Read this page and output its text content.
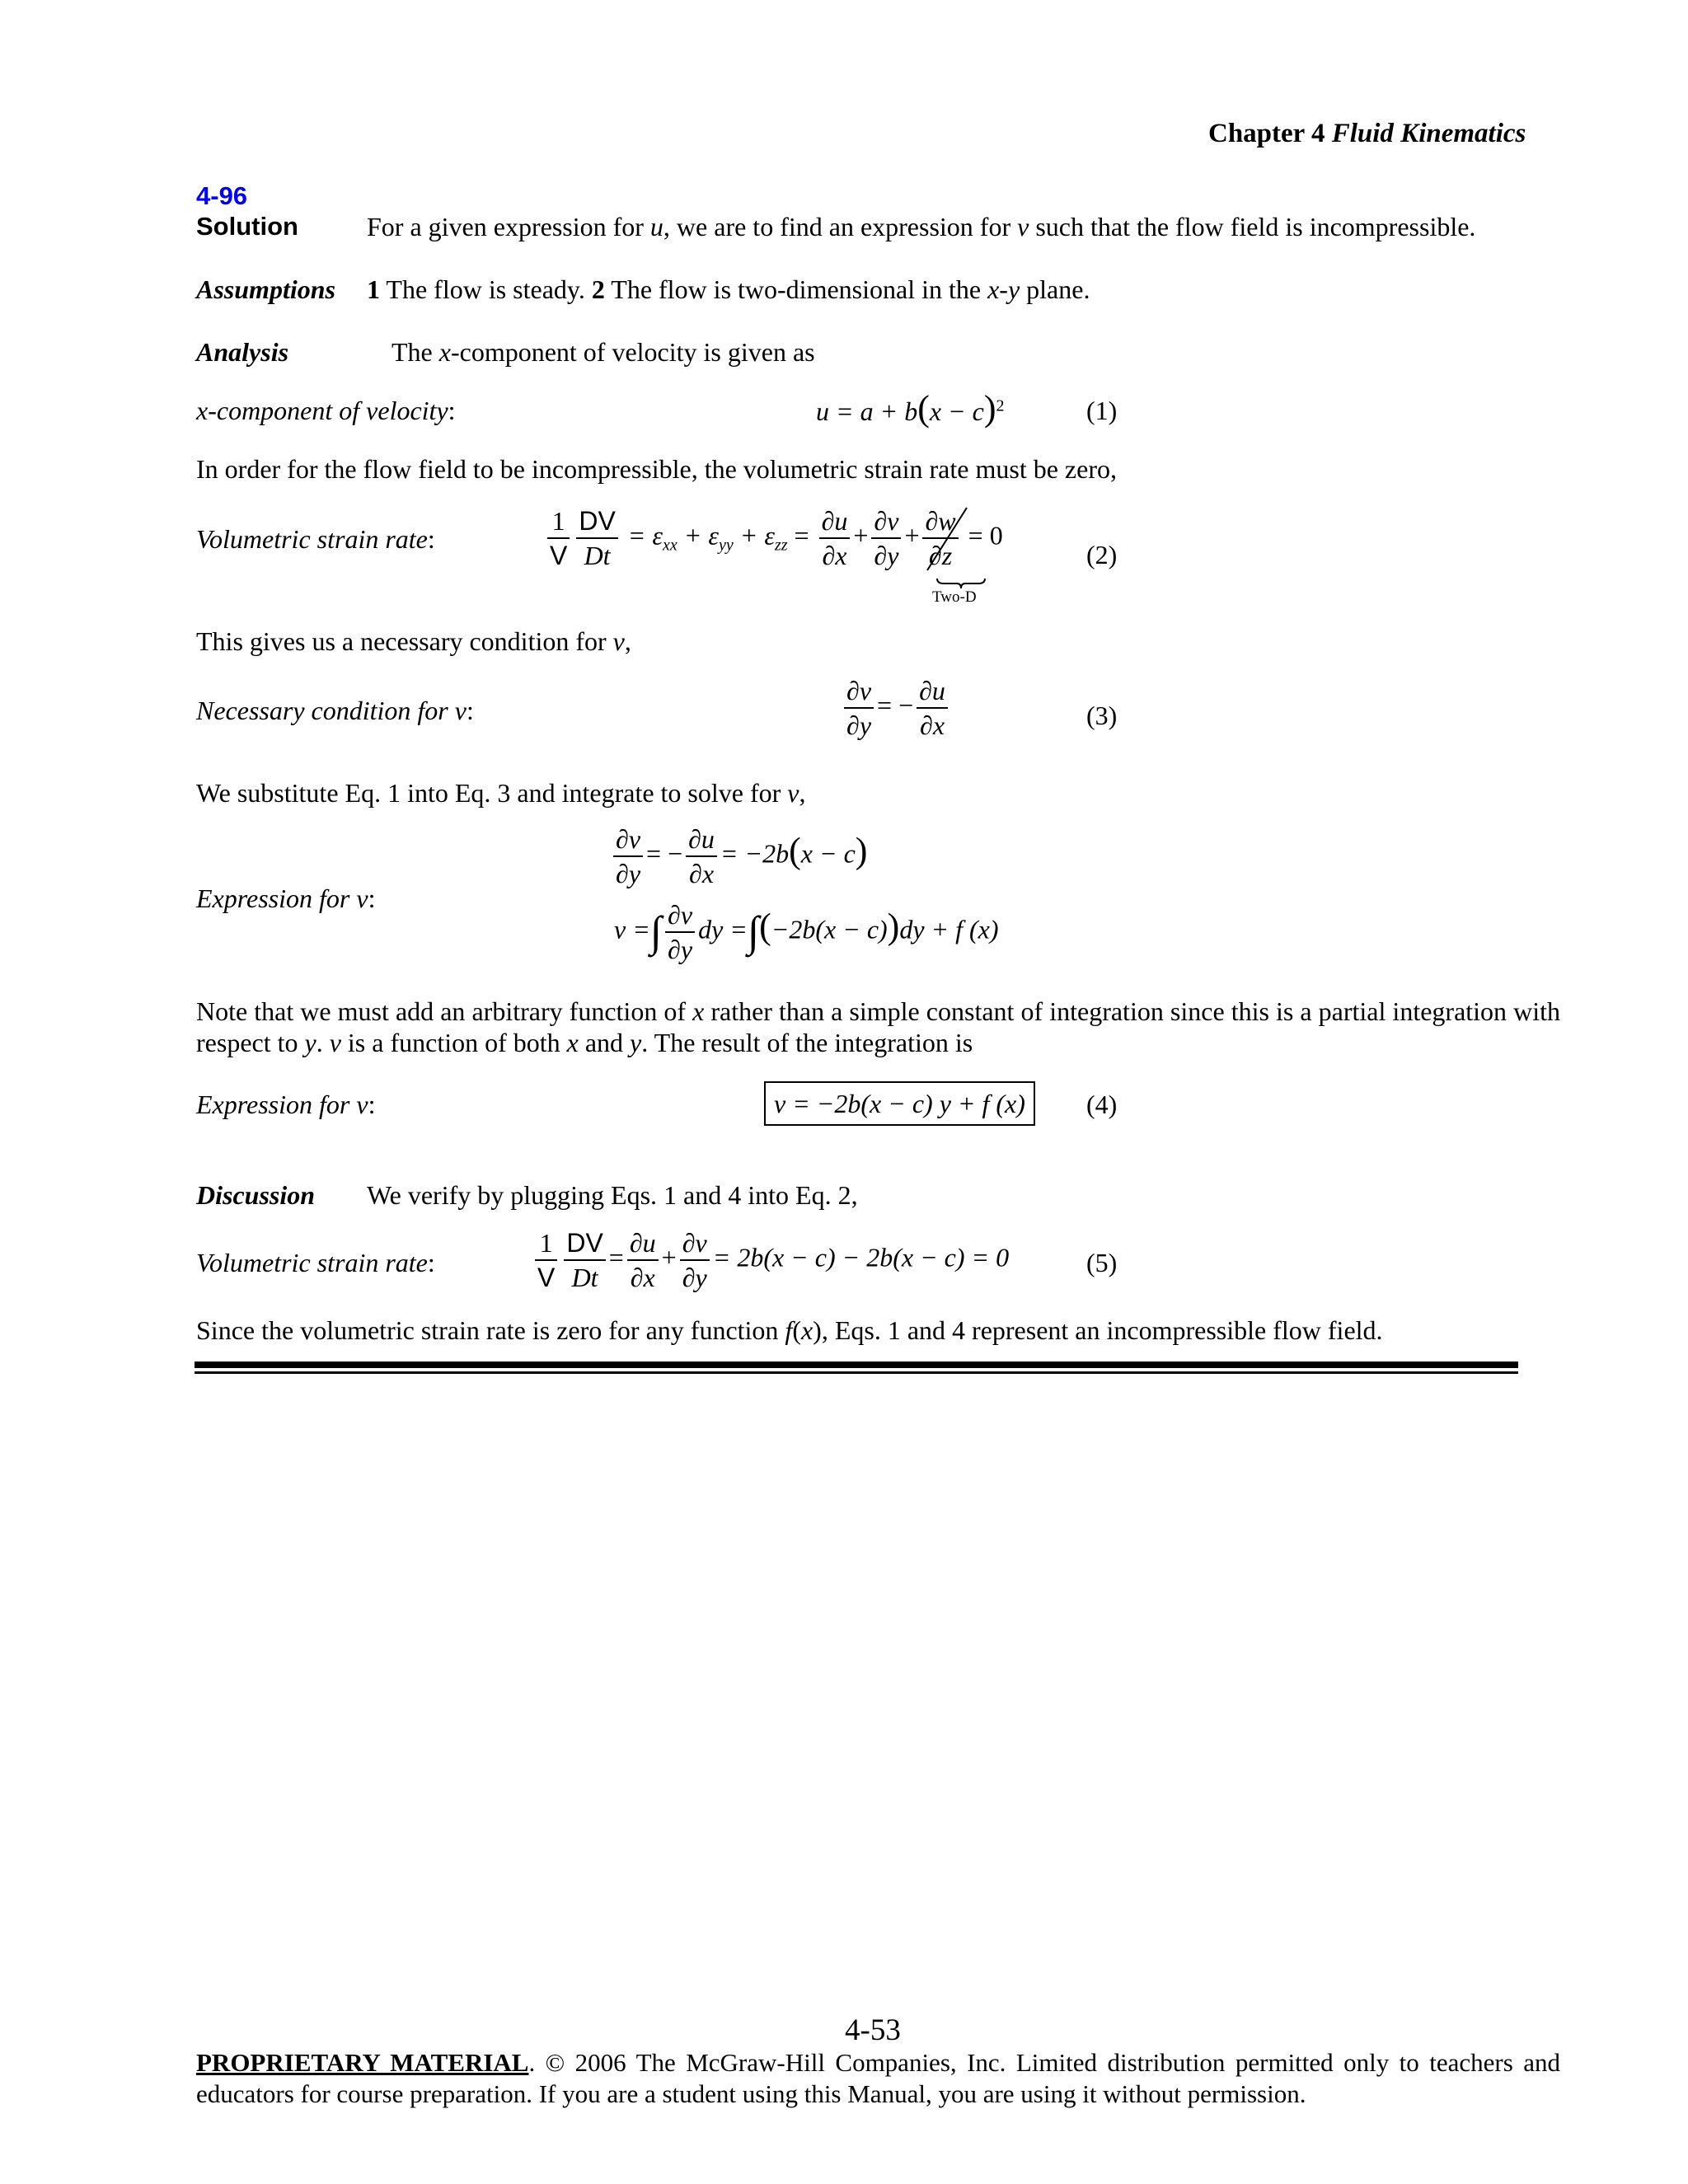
Chapter 4 Fluid Kinematics
4-96
Solution	For a given expression for u, we are to find an expression for v such that the flow field is incompressible.
Assumptions 1 The flow is steady. 2 The flow is two-dimensional in the x-y plane.
Analysis	The x-component of velocity is given as
x-component of velocity:	$u = a + b(x - c)^2$	(1)
In order for the flow field to be incompressible, the volumetric strain rate must be zero,
Volumetric strain rate:	$\frac{1}{V} \frac{DV}{Dt} = \varepsilon_{xx} + \varepsilon_{yy} + \varepsilon_{zz} = \frac{\partial u}{\partial x} + \frac{\partial v}{\partial y} + \frac{\partial w}{\partial z} = 0$
Two-D
(2)
This gives us a necessary condition for v,
Necessary condition for v:	$\frac{\partial v}{\partial y}$ = − $\frac{\partial u}{\partial x}$	(3)
We substitute Eq. 1 into Eq. 3 and integrate to solve for v,
Expression for v:
$\frac{\partial v}{\partial y}$ = − $\frac{\partial u}{\partial x} = -2b(x - c)$
v =∫ $\frac{\partial v}{\partial y}$ dy =∫(−2b(x − c))dy + f (x)
Note that we must add an arbitrary function of x rather than a simple constant of integration since this is a partial integration with respect to y. v is a function of both x and y. The result of the integration is
Expression for v:	v = −2b(x − c) y + f (x)	(4)
Discussion We verify by plugging Eqs. 1 and 4 into Eq. 2,
Volumetric strain rate:	$\frac{1}{V} \frac{DV}{Dt} = \frac{\partial u}{\partial x} + \frac{\partial v}{\partial y} = 2b(x - c) - 2b(x - c) = 0$	(5)
Since the volumetric strain rate is zero for any function f(x), Eqs. 1 and 4 represent an incompressible flow field.
4-53
PROPRIETARY MATERIAL. © 2006 The McGraw-Hill Companies, Inc. Limited distribution permitted only to teachers and educators for course preparation. If you are a student using this Manual, you are using it without permission.
